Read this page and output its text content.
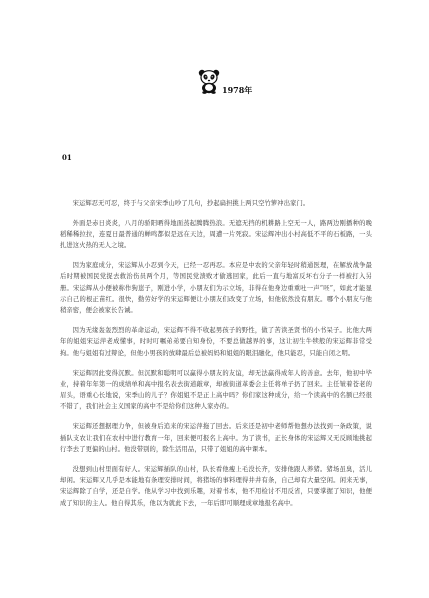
1978年
01

宋运辉忍无可忍，终于与父亲宋季山吵了几句，抄起扁担挑上两只空竹箩冲出家门。

外面是赤日炎炎，八月的骄阳晒得地面蒸起腾腾热浪。无遮无挡的机耕路上空无一人，路两边刚播种的晚稻稀稀拉拉，连夏日最普通的蝉鸣都似是远在天边，周遭一片死寂。宋运辉冲出小村高低不平的石板路，一头扎进这火热的无人之境。

因为家庭成分，宋运辉从小忍到今天，已经一忍再忍。本应是中农的父亲年轻时稍通医理，在解放战争最后时期被国民党捉去救治伤员两个月，等国民党溃败才偷逃回家，此后一直与地富反坏右分子一样被打入另册。宋运辉从小便被称作狗崽子，刚进小学，小朋友们为示立场，非得在他身边重重吐一声“呸”，如此才能显示自己的根正苗红。很快，勤劳好学的宋运辉便让小朋友们改变了立场，但他依然没有朋友。哪个小朋友与他稍亲密，便会被家长告诫。

因为无缘轰轰烈烈的革命运动，宋运辉不得不收起男孩子的野性，做了苦读圣贤书的小书呆子。比他大两年的姐姐宋运萍老成懂事，时时叮嘱弟弟要自知身份，不要总做越界的事，这让初生牛犊般的宋运辉非常受拘。他与姐姐有过辩论，但他小男孩的放肆最后总被妈妈和姐姐的眼泪融化，他只能忍，只能自闭之明。

宋运辉因此变得沉默。但沉默和聪明可以赢得小朋友的友谊，却无法赢得成年人的善意。去年，他初中毕业，持着年年第一的成绩单和高中报名表去街道敲章，却被街道革委会主任将单子扔了回来。主任皱着苍老的眉头，语重心长地说，宋季山的儿子？你姐姐不是正上高中吗？你们家这种成分，给一个读高中的名额已经很不错了，我们社会主义国家的高中不是给你们这种人家办的。

宋运辉还想据理力争，但被身后追来的宋运萍拖了回去。后来还是初中老师帮他想办法找到一条政策，说插队支农让我们在农村中进行教育一年，回来便可报名上高中。为了读书，正长身体的宋运辉又无反顾地挑起行李去了更偏的山村。他没带别的，除生活用品，只带了姐姐的高中课本。

没想到山村里面有好人。宋运辉插队的山村，队长看他瘦上毛没长齐，安排他跟人养猪。猪场虽臭，活儿却闲。宋运辉又几乎是本能地有条理安排时间，将猪场的事料理得井井有条，自己却有大量空闲。闲来无事，宋运辉除了自学，还是自学。他从学习中找到乐趣，对着书本，他不用检讨不用反省，只要掌握了知识，他便成了知识的主人。他自得其乐，他以为就此下去，一年后即可顺理成章地报名高中。
